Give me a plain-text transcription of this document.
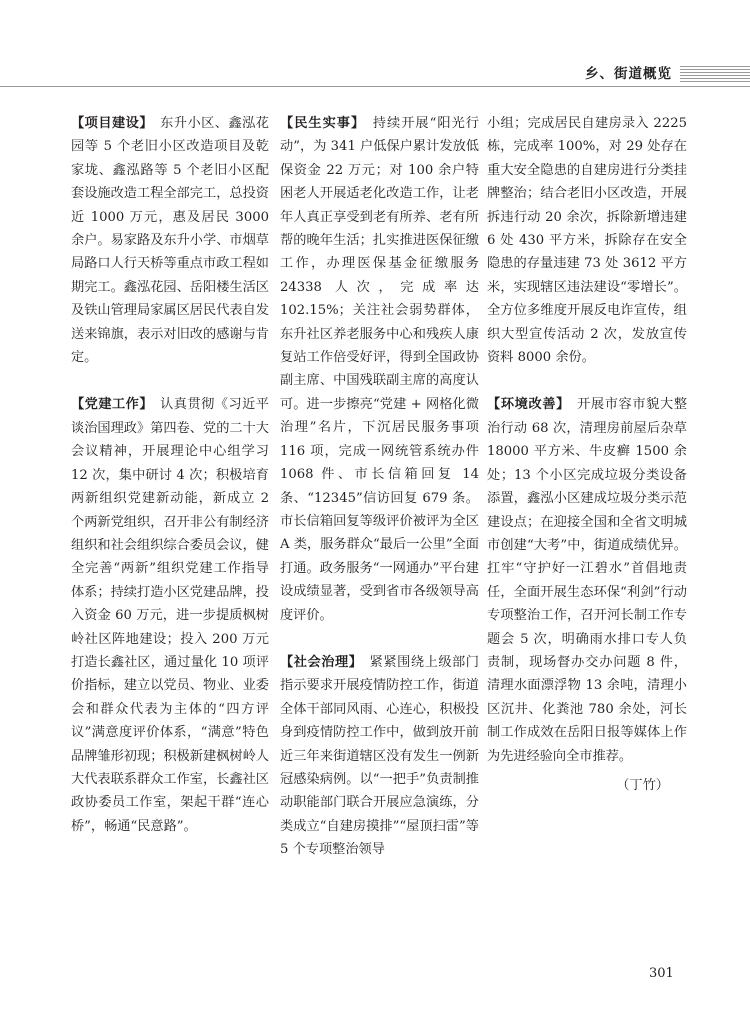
乡、街道概览

【项目建设】　东升小区、鑫泓花园等 5 个老旧小区改造项目及乾家垅、鑫泓路等 5 个老旧小区配套设施改造工程全部完工，总投资近 1000 万元，惠及居民 3000 余户。易家路及东升小学、市烟草局路口人行天桥等重点市政工程如期完工。鑫泓花园、岳阳楼生活区及铁山管理局家属区居民代表自发送来锦旗，表示对旧改的感谢与肯定。

【党建工作】　认真贯彻《习近平谈治国理政》第四卷、党的二十大会议精神，开展理论中心组学习 12 次，集中研讨 4 次；积极培育两新组织党建新动能，新成立 2 个两新党组织，召开非公有制经济组织和社会组织综合委员会议，健全完善“两新”组织党建工作指导体系；持续打造小区党建品牌，投入资金 60 万元，进一步提质枫树岭社区阵地建设；投入 200 万元打造长鑫社区，通过量化 10 项评价指标，建立以党员、物业、业委会和群众代表为主体的“四方评议”满意度评价体系，“满意”特色品牌雏形初现；积极新建枫树岭人大代表联系群众工作室，长鑫社区政协委员工作室，架起干群“连心桥”，畅通“民意路”。

【民生实事】　持续开展“阳光行动”，为 341 户低保户累计发放低保资金 22 万元；对 100 余户特困老人开展适老化改造工作，让老年人真正享受到老有所养、老有所帮的晚年生活；扎实推进医保征缴工作，办理医保基金征缴服务 24338 人次，完成率达 102.15%；关注社会弱势群体，东升社区养老服务中心和残疾人康复站工作倍受好评，得到全国政协副主席、中国残联副主席的高度认可。进一步擦亮“党建 + 网格化微治理”名片，下沉居民服务事项 116 项，完成一网统管系统办件 1068 件、市长信箱回复 14 条、“12345”信访回复 679 条。市长信箱回复等级评价被评为全区 A 类，服务群众“最后一公里”全面打通。政务服务“一网通办”平台建设成绩显著，受到省市各级领导高度评价。

【社会治理】　紧紧围绕上级部门指示要求开展疫情防控工作，街道全体干部同风雨、心连心，积极投身到疫情防控工作中，做到放开前近三年来街道辖区没有发生一例新冠感染病例。以“一把手”负责制推动职能部门联合开展应急演练，分类成立“自建房摸排”“屋顶扫雷”等 5 个专项整治领导

小组；完成居民自建房录入 2225 栋，完成率 100%，对 29 处存在重大安全隐患的自建房进行分类挂牌整治；结合老旧小区改造，开展拆违行动 20 余次，拆除新增违建 6 处 430 平方米，拆除存在安全隐患的存量违建 73 处 3612 平方米，实现辖区违法建设“零增长”。全方位多维度开展反电诈宣传，组织大型宣传活动 2 次，发放宣传资料 8000 余份。

【环境改善】　开展市容市貌大整治行动 68 次，清理房前屋后杂草 18000 平方米、牛皮癣 1500 余处；13 个小区完成垃圾分类设备添置，鑫泓小区建成垃圾分类示范建设点；在迎接全国和全省文明城市创建“大考”中，街道成绩优异。扛牢“守护好一江碧水”首倡地责任，全面开展生态环保“利剑”行动专项整治工作，召开河长制工作专题会 5 次，明确雨水排口专人负责制，现场督办交办问题 8 件，清理水面漂浮物 13 余吨，清理小区沉井、化粪池 780 余处，河长制工作成效在岳阳日报等媒体上作为先进经验向全市推荐。

（丁竹）
301
